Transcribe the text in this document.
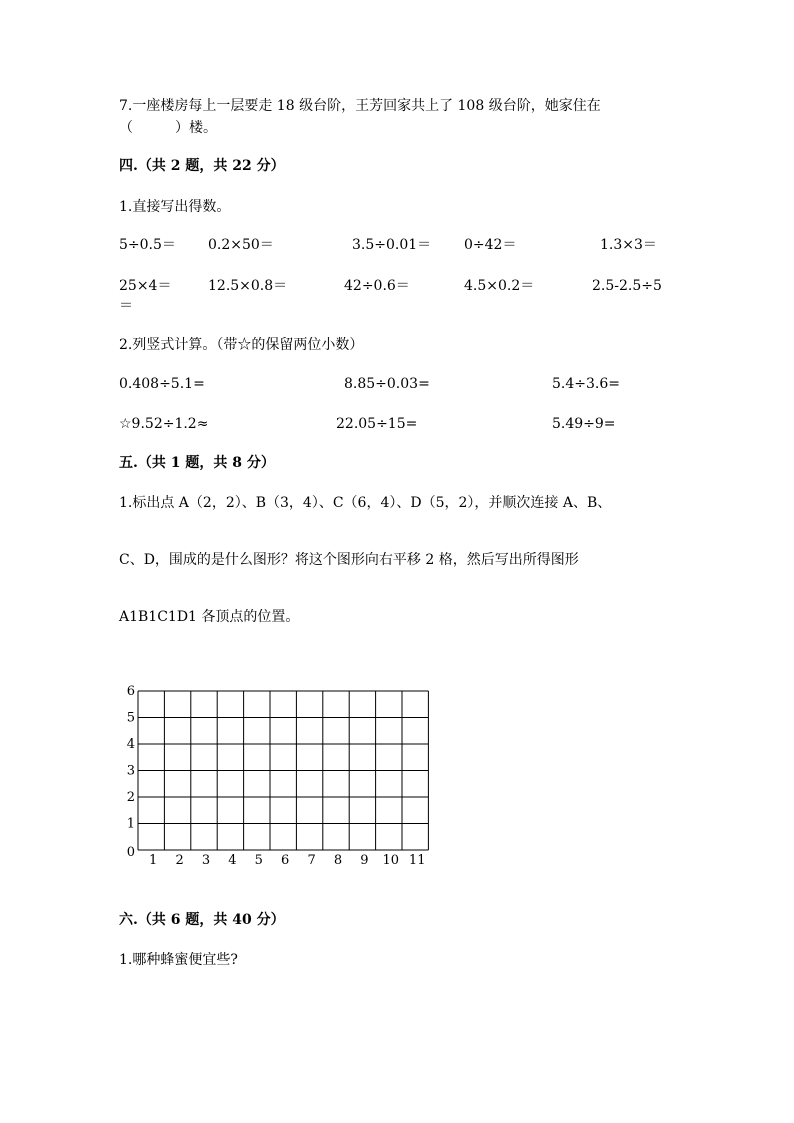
7.一座楼房每上一层要走 18 级台阶，王芳回家共上了 108 级台阶，她家住在
（　　　）楼。
四.（共 2 题，共 22 分）
1.直接写出得数。
5÷0.5＝ 0.2×50＝	3.5÷0.01＝ 0÷42＝	1.3×3＝
25×4＝	12.5×0.8＝	42÷0.6＝	4.5×0.2＝	2.5-2.5÷5
＝
2.列竖式计算。（带☆的保留两位小数）
0.408÷5.1=	8.85÷0.03=	5.4÷3.6=
☆9.52÷1.2≈	22.05÷15=	5.49÷9=
五.（共 1 题，共 8 分）
1.标出点 A（2，2）、B（3，4）、C（6，4）、D（5，2），并顺次连接 A、B、
C、D，围成的是什么图形？将这个图形向右平移 2 格，然后写出所得图形
A1B1C1D1 各顶点的位置。
1 2 3 4 5 6 7 8 9 10 11
0
1
2
3
4
5
6
六.（共 6 题，共 40 分）
1.哪种蜂蜜便宜些?
